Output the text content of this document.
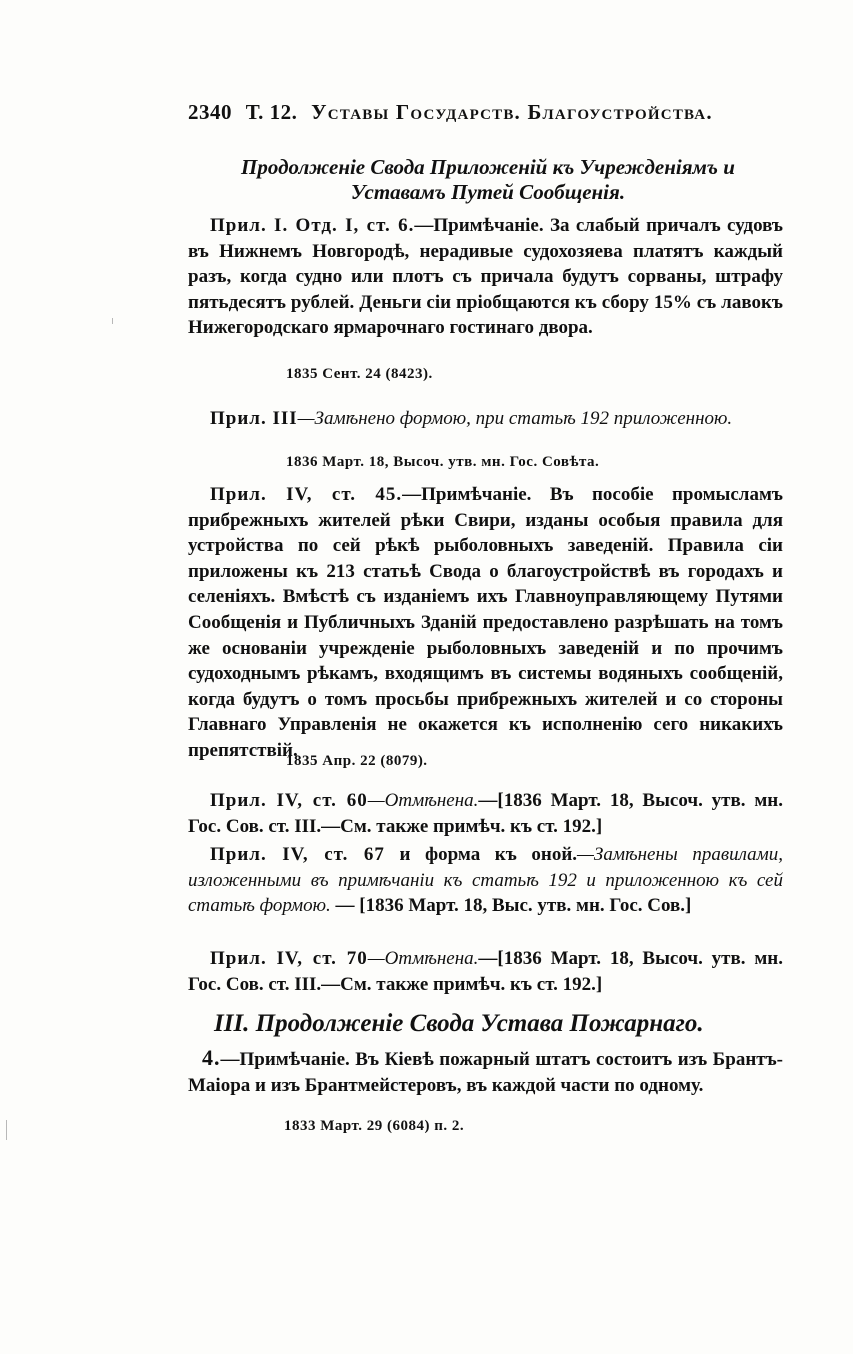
2340 Т. 12. Уставы Государств. Благоустройства.
Продолженіе Свода Приложеній къ Учрежденіямъ и
Уставамъ Путей Сообщенія.
Прил. I. Отд. I, ст. 6.—Примѣчаніе. За слабый причалъ судовъ въ Нижнемъ Новгородѣ, нерадивые судохозяева платятъ каждый разъ, когда судно или плотъ съ причала будутъ сорваны, штрафу пятьдесятъ рублей. Деньги сіи пріобщаются къ сбору 15% съ лавокъ Нижегородскаго ярмарочнаго гостинаго двора.
1835 Сент. 24 (8423).
Прил. III—Замѣнено формою, при статьѣ 192 приложенною.
1836 Март. 18, Высоч. утв. мн. Гос. Совѣта.
Прил. IV, ст. 45.—Примѣчаніе. Въ пособіе промысламъ прибрежныхъ жителей рѣки Свири, изданы особыя правила для устройства по сей рѣкѣ рыболовныхъ заведеній. Правила сіи приложены къ 213 статьѣ Свода о благоустройствѣ въ городахъ и селеніяхъ. Вмѣстѣ съ изданіемъ ихъ Главноуправляющему Путями Сообщенія и Публичныхъ Зданій предоставлено разрѣшать на томъ же основаніи учрежденіе рыболовныхъ заведеній и по прочимъ судоходнымъ рѣкамъ, входящимъ въ системы водяныхъ сообщеній, когда будутъ о томъ просьбы прибрежныхъ жителей и со стороны Главнаго Управленія не окажется къ исполненію сего никакихъ препятствій.
1835 Апр. 22 (8079).
Прил. IV, ст. 60—Отмѣнена.—[1836 Март. 18, Высоч. утв. мн. Гос. Сов. ст. III.—См. также примѣч. къ ст. 192.]
Прил. IV, ст. 67 и форма къ оной.—Замѣнены правилами, изложенными въ примѣчаніи къ статьѣ 192 и приложенною къ сей статьѣ формою. — [1836 Март. 18, Выс. утв. мн. Гос. Сов.]
Прил. IV, ст. 70—Отмѣнена.—[1836 Март. 18, Высоч. утв. мн. Гос. Сов. ст. III.—См. также примѣч. къ ст. 192.]
III. Продолженіе Свода Устава Пожарнаго.
4.—Примѣчаніе. Въ Кіевѣ пожарный штатъ состоитъ изъ Брантъ-Маіора и изъ Брантмейстеровъ, въ каждой части по одному.
1833 Март. 29 (6084) п. 2.
